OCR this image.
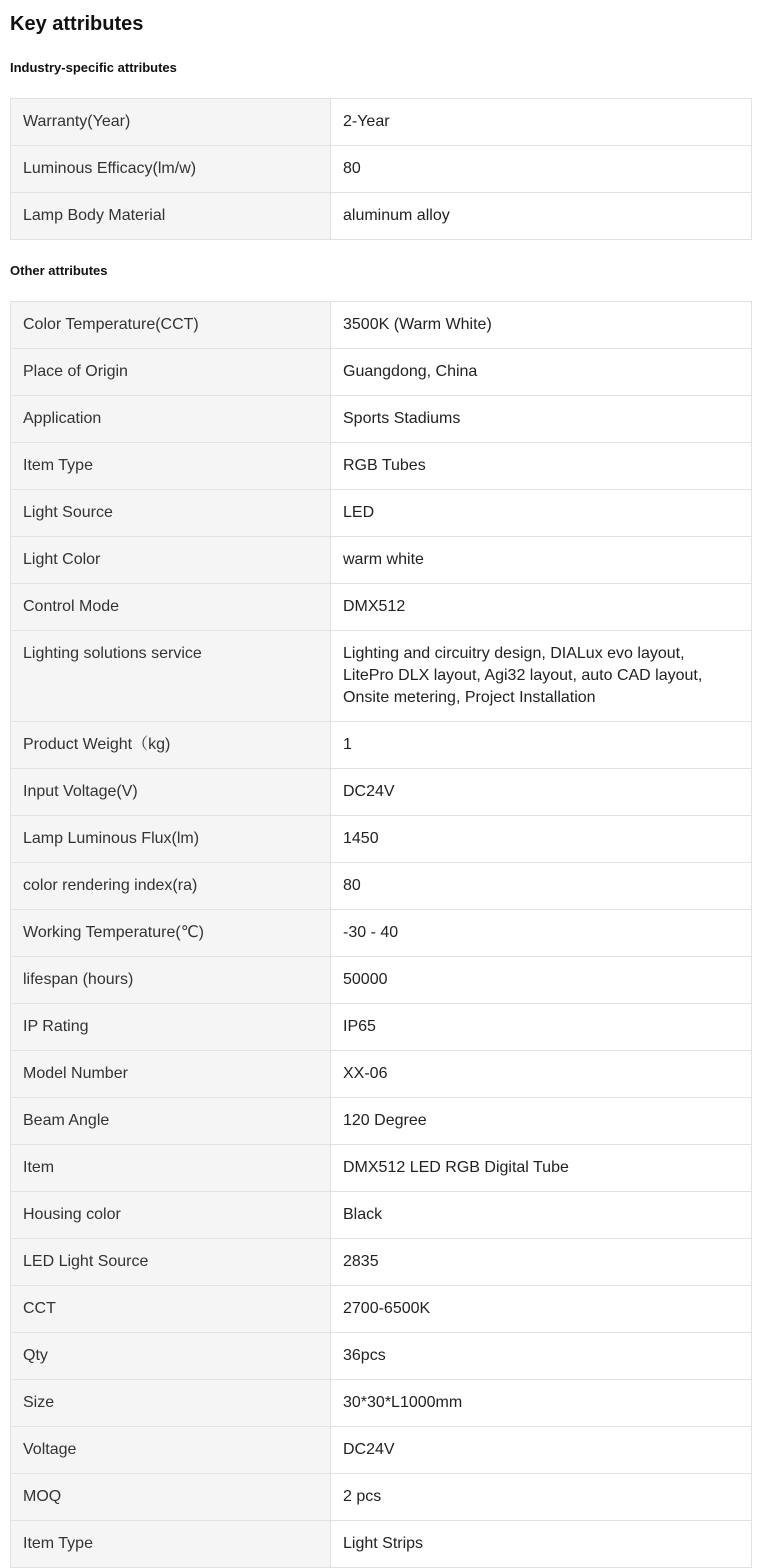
Key attributes
Industry-specific attributes
Warranty(Year)	2-Year
Luminous Efficacy(lm/w)	80
Lamp Body Material	aluminum alloy
Other attributes
Color Temperature(CCT)	3500K (Warm White)
Place of Origin	Guangdong, China
Application	Sports Stadiums
Item Type	RGB Tubes
Light Source	LED
Light Color	warm white
Control Mode	DMX512
Lighting solutions service	Lighting and circuitry design, DIALux evo layout, LitePro DLX layout, Agi32 layout, auto CAD layout, Onsite metering, Project Installation
Product Weight（kg)	1
Input Voltage(V)	DC24V
Lamp Luminous Flux(lm)	1450
color rendering index(ra)	80
Working Temperature(℃)	-30 - 40
lifespan (hours)	50000
IP Rating	IP65
Model Number	XX-06
Beam Angle	120 Degree
Item	DMX512 LED RGB Digital Tube
Housing color	Black
LED Light Source	2835
CCT	2700-6500K
Qty	36pcs
Size	30*30*L1000mm
Voltage	DC24V
MOQ	2 pcs
Item Type	Light Strips
